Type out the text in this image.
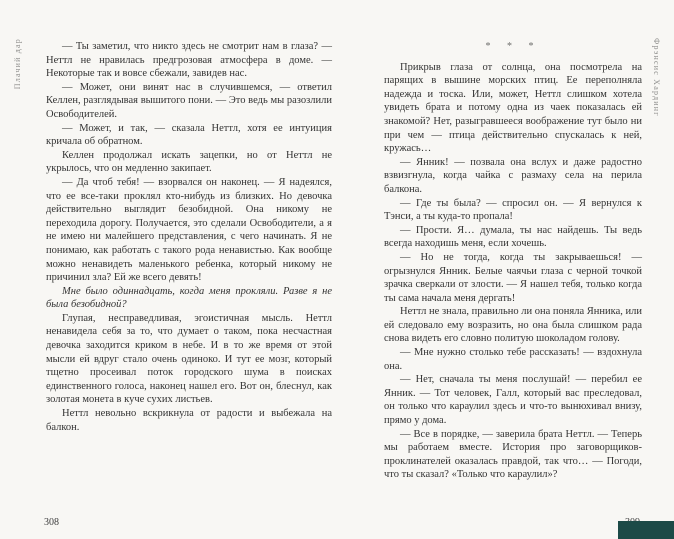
Плачий дар	Фрэнсис Хардинг

— Ты заметил, что никто здесь не смотрит нам в глаза? — Неттл не нравилась предгрозовая атмосфера в доме. — Некоторые так и вовсе сбежали, завидев нас.

— Может, они винят нас в случившемся, — ответил Келлен, разглядывая вышитого пони. — Это ведь мы разозлили Освободителей.

— Может, и так, — сказала Неттл, хотя ее интуиция кричала об обратном.

Келлен продолжал искать зацепки, но от Неттл не укрылось, что он медленно закипает.

— Да чтоб тебя! — взорвался он наконец. — Я надеялся, что ее все-таки проклял кто-нибудь из близких. Но девочка действительно выглядит безобидной. Она никому не переходила дорогу. Получается, это сделали Освободители, а я не имею ни малейшего представления, с чего начинать. Я не понимаю, как работать с такого рода ненавистью. Как вообще можно ненавидеть маленького ребенка, который никому не причинил зла? Ей же всего девять!

Мне было одиннадцать, когда меня прокляли. Разве я не была безобидной?

Глупая, несправедливая, эгоистичная мысль. Неттл ненавидела себя за то, что думает о таком, пока несчастная девочка заходится криком в небе. И в то же время от этой мысли ей вдруг стало очень одиноко. И тут ее мозг, который тщетно просеивал поток городского шума в поисках единственного голоса, наконец нашел его. Вот он, блеснул, как золотая монета в куче сухих листьев.

Неттл невольно вскрикнула от радости и выбежала на балкон.

* * *

Прикрыв глаза от солнца, она посмотрела на парящих в вышине морских птиц. Ее переполняла надежда и тоска. Или, может, Неттл слишком хотела увидеть брата и потому одна из чаек показалась ей знакомой? Нет, разыгравшееся воображение тут было ни при чем — птица действительно спускалась к ней, кружась…

— Янник! — позвала она вслух и даже радостно взвизгнула, когда чайка с размаху села на перила балкона.

— Где ты была? — спросил он. — Я вернулся к Тэнси, а ты куда-то пропала!

— Прости. Я… думала, ты нас найдешь. Ты ведь всегда находишь меня, если хочешь.

— Но не тогда, когда ты закрываешься! — огрызнулся Янник. Белые чаячьи глаза с черной точкой зрачка сверкали от злости. — Я нашел тебя, только когда ты сама начала меня дергать!

Неттл не знала, правильно ли она поняла Янника, или ей следовало ему возразить, но она была слишком рада снова видеть его словно политую шоколадом голову.

— Мне нужно столько тебе рассказать! — вздохнула она.

— Нет, сначала ты меня послушай! — перебил ее Янник. — Тот человек, Галл, который вас преследовал, он только что караулил здесь и что-то вынюхивал внизу, прямо у дома.

— Все в порядке, — заверила брата Неттл. — Теперь мы работаем вместе. История про заговорщиков-проклинателей оказалась правдой, так что… — Погоди, что ты сказал? «Только что караулил»?

308
